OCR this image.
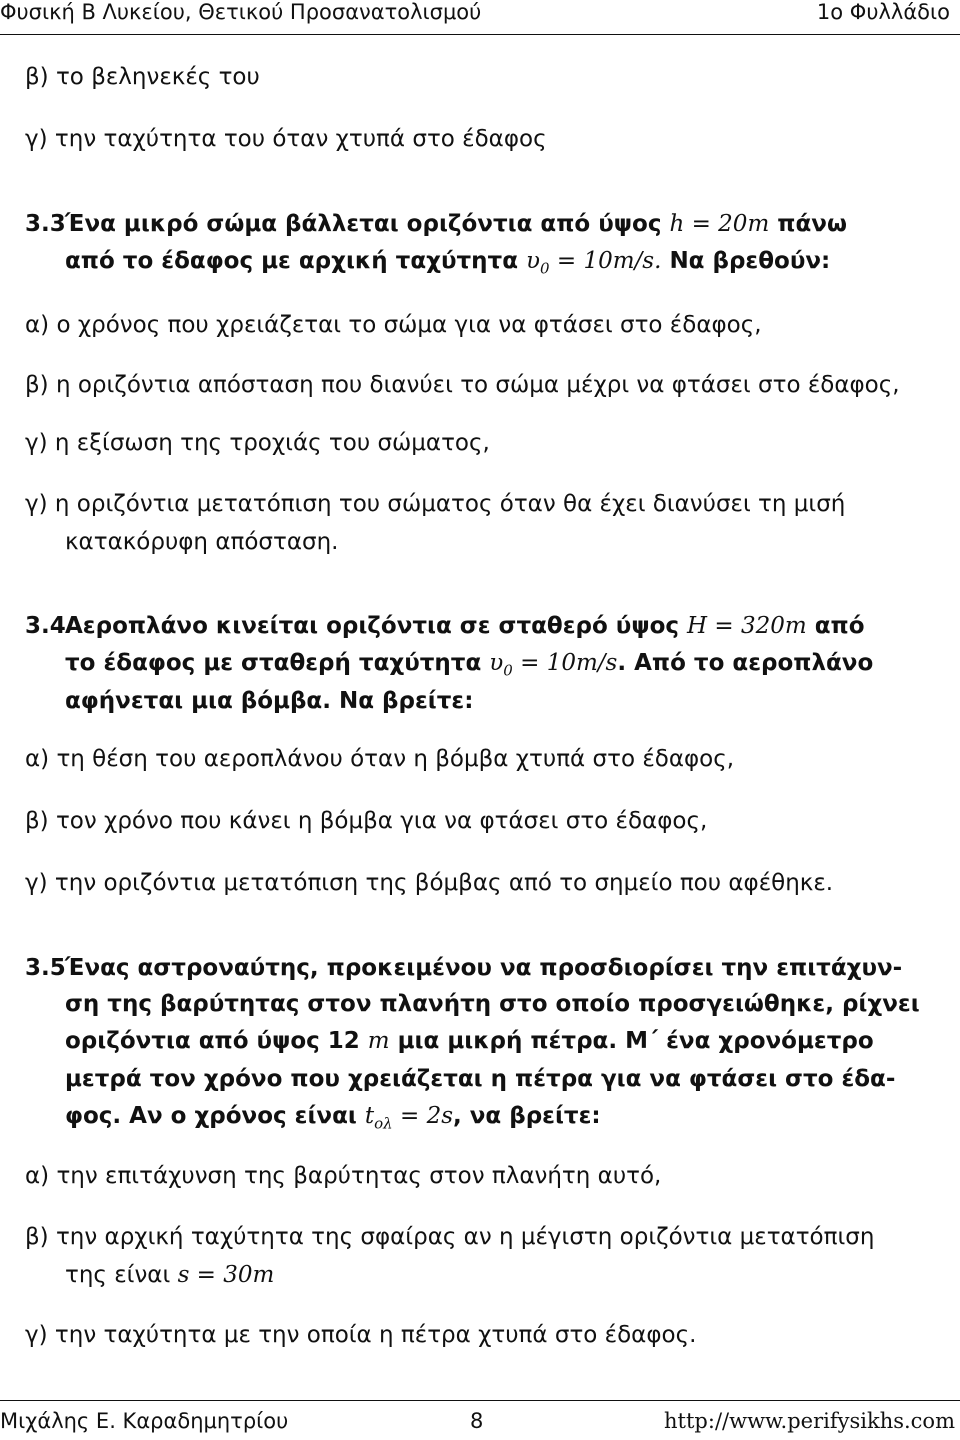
Φυσική Β Λυκείου, Θετικού Προσανατολισμού	1ο Φυλλάδιο
β) το βεληνεκές του
γ) την ταχύτητα του όταν χτυπά στο έδαφος
3.3 Ένα μικρό σώμα βάλλεται οριζόντια από ύψος h = 20m πάνω
από το έδαφος με αρχική ταχύτητα $\upsilon_0 = 10m/s$. Να βρεθούν:
α) ο χρόνος που χρειάζεται το σώμα για να φτάσει στο έδαφος,
β) η οριζόντια απόσταση που διανύει το σώμα μέχρι να φτάσει στο έδαφος,
γ) η εξίσωση της τροχιάς του σώματος,
γ) η οριζόντια μετατόπιση του σώματος όταν θα έχει διανύσει τη μισή
κατακόρυφη απόσταση.
3.4 Αεροπλάνο κινείται οριζόντια σε σταθερό ύψος H = 320m από
το έδαφος με σταθερή ταχύτητα $\upsilon_0 = 10m/s$. Από το αεροπλάνο
αφήνεται μια βόμβα. Να βρείτε:
α) τη θέση του αεροπλάνου όταν η βόμβα χτυπά στο έδαφος,
β) τον χρόνο που κάνει η βόμβα για να φτάσει στο έδαφος,
γ) την οριζόντια μετατόπιση της βόμβας από το σημείο που αφέθηκε.
3.5 Ένας αστροναύτης, προκειμένου να προσδιορίσει την επιτάχυν-
ση της βαρύτητας στον πλανήτη στο οποίο προσγειώθηκε, ρίχνει
οριζόντια από ύψος 12 m μια μικρή πέτρα. Μ΄ ένα χρονόμετρο
μετρά τον χρόνο που χρειάζεται η πέτρα για να φτάσει στο έδα-
φος. Αν ο χρόνος είναι $t_{o\lambda} = 2s$, να βρείτε:
α) την επιτάχυνση της βαρύτητας στον πλανήτη αυτό,
β) την αρχική ταχύτητα της σφαίρας αν η μέγιστη οριζόντια μετατόπιση
της είναι s = 30m
γ) την ταχύτητα με την οποία η πέτρα χτυπά στο έδαφος.
Μιχάλης Ε. Καραδημητρίου	8	http://www.perifysikhs.com
